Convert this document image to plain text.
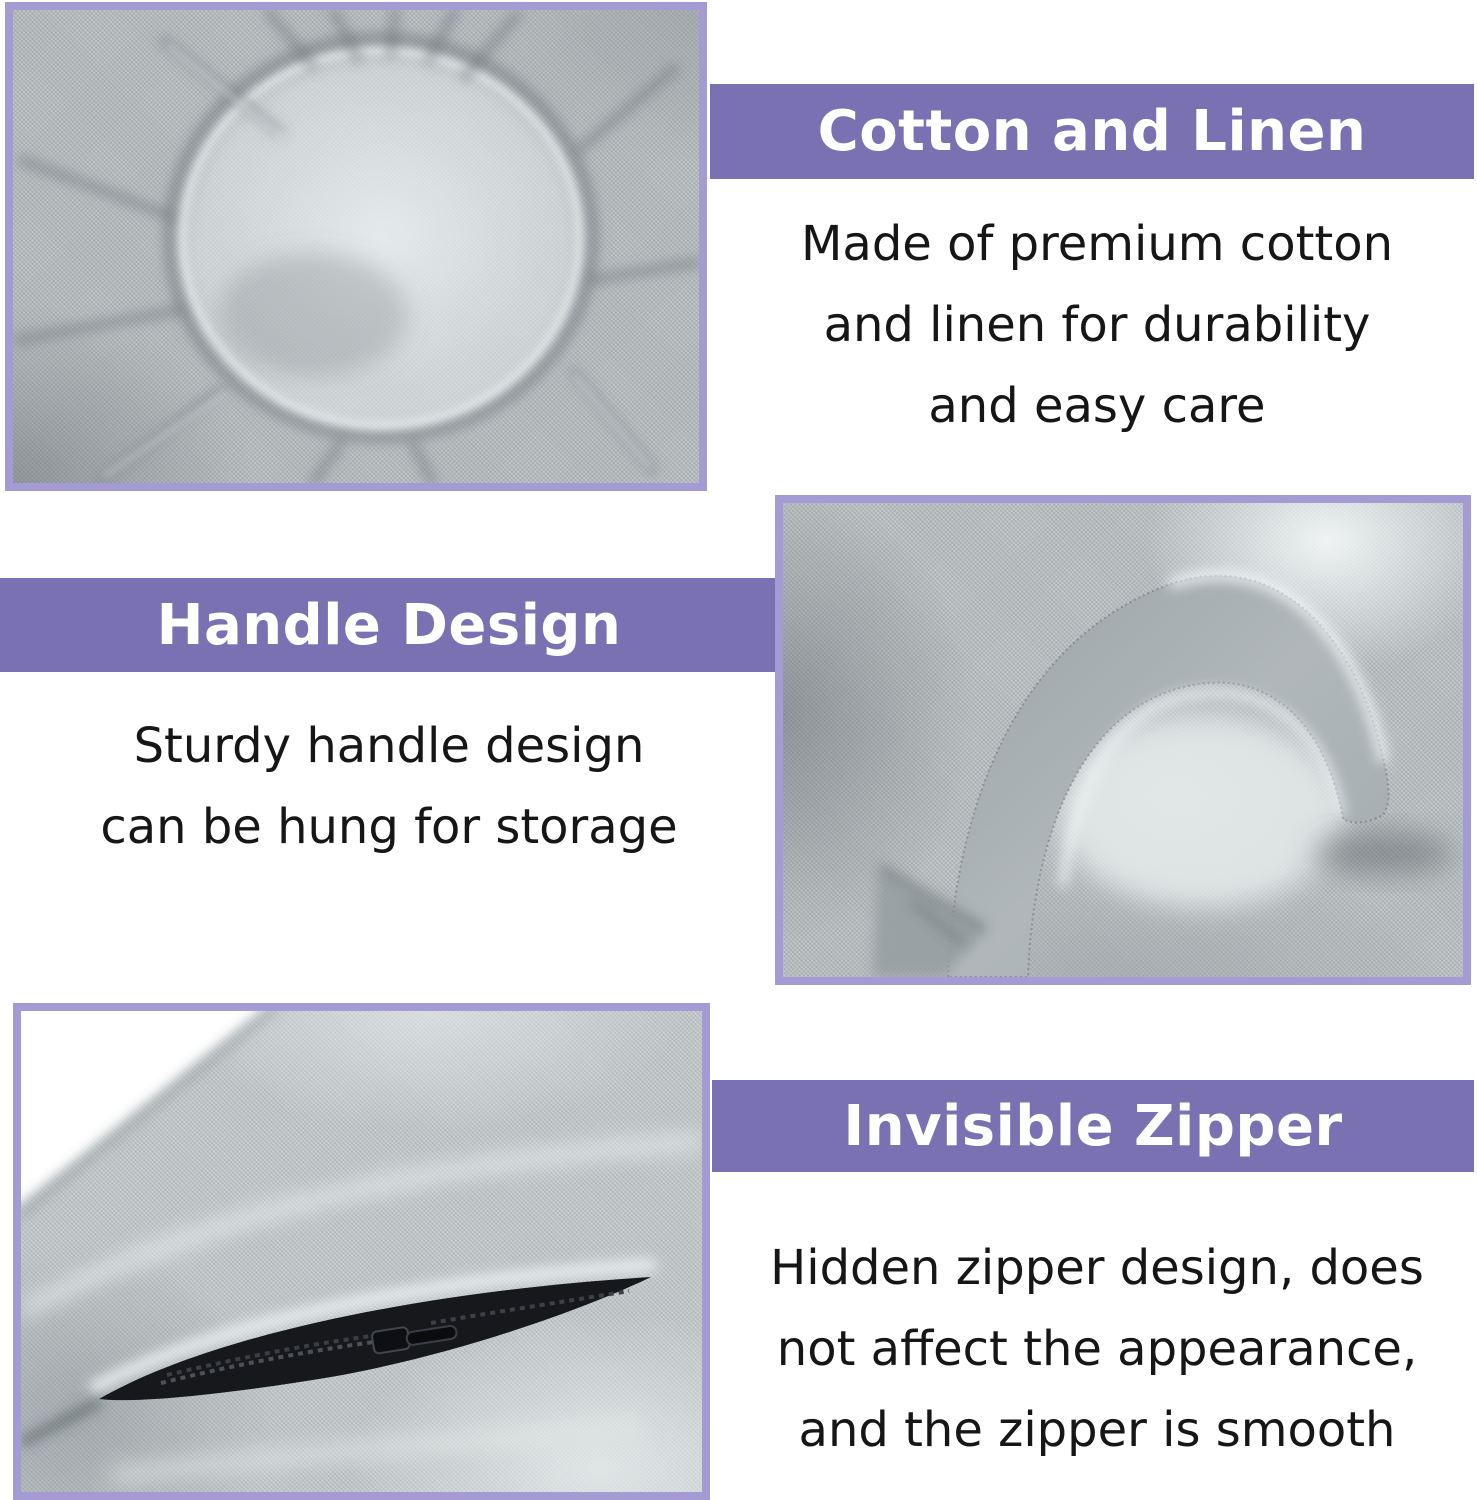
Cotton and Linen
Made of premium cotton
and linen for durability
and easy care
Handle Design
Sturdy handle design
can be hung for storage
Invisible Zipper
Hidden zipper design, does
not affect the appearance,
and the zipper is smooth
